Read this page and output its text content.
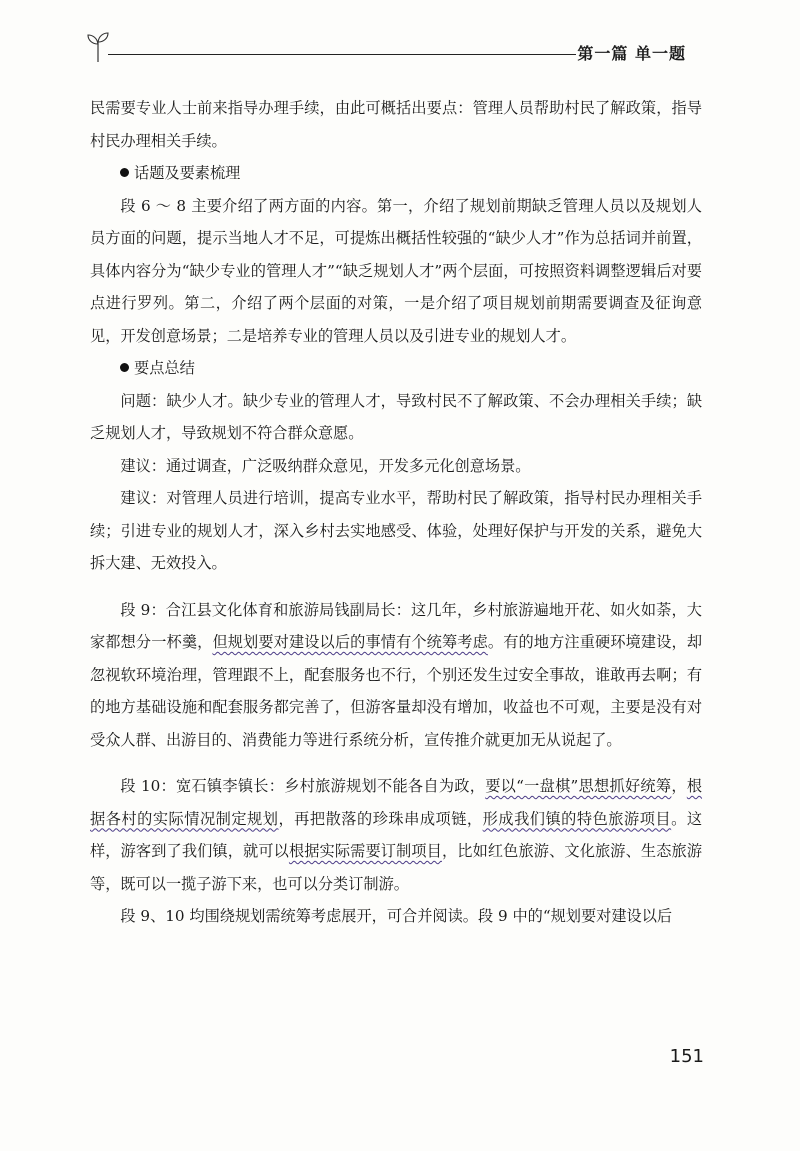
第一篇 单一题

民需要专业人士前来指导办理手续，由此可概括出要点：管理人员帮助村民了解政策，指导村民办理相关手续。

话题及要素梳理

段 6 ～ 8 主要介绍了两方面的内容。第一，介绍了规划前期缺乏管理人员以及规划人员方面的问题，提示当地人才不足，可提炼出概括性较强的“缺少人才”作为总括词并前置，具体内容分为“缺少专业的管理人才”“缺乏规划人才”两个层面，可按照资料调整逻辑后对要点进行罗列。第二，介绍了两个层面的对策，一是介绍了项目规划前期需要调查及征询意见，开发创意场景；二是培养专业的管理人员以及引进专业的规划人才。

要点总结

问题：缺少人才。缺少专业的管理人才，导致村民不了解政策、不会办理相关手续；缺乏规划人才，导致规划不符合群众意愿。

建议：通过调查，广泛吸纳群众意见，开发多元化创意场景。

建议：对管理人员进行培训，提高专业水平，帮助村民了解政策，指导村民办理相关手续；引进专业的规划人才，深入乡村去实地感受、体验，处理好保护与开发的关系，避免大拆大建、无效投入。

段 9：合江县文化体育和旅游局钱副局长：这几年，乡村旅游遍地开花、如火如荼，大家都想分一杯羹，但规划要对建设以后的事情有个统筹考虑。有的地方注重硬环境建设，却忽视软环境治理，管理跟不上，配套服务也不行，个别还发生过安全事故，谁敢再去啊；有的地方基础设施和配套服务都完善了，但游客量却没有增加，收益也不可观，主要是没有对受众人群、出游目的、消费能力等进行系统分析，宣传推介就更加无从说起了。

段 10：宽石镇李镇长：乡村旅游规划不能各自为政，要以“一盘棋”思想抓好统筹，根据各村的实际情况制定规划，再把散落的珍珠串成项链，形成我们镇的特色旅游项目。这样，游客到了我们镇，就可以根据实际需要订制项目，比如红色旅游、文化旅游、生态旅游等，既可以一揽子游下来，也可以分类订制游。

段 9、10 均围绕规划需统筹考虑展开，可合并阅读。段 9 中的“规划要对建设以后

151
